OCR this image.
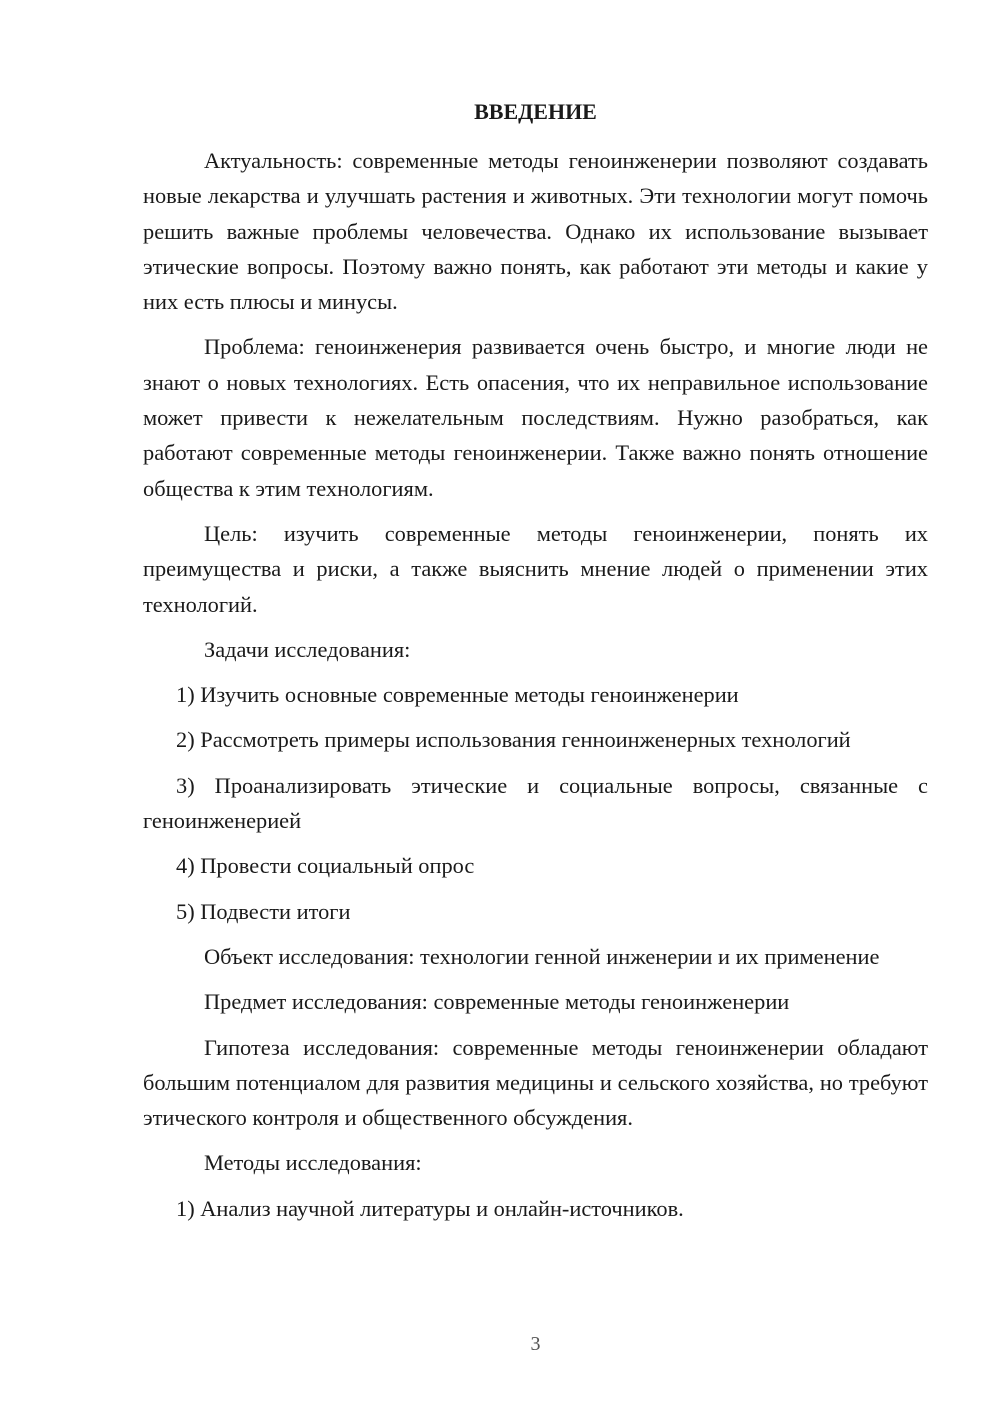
ВВЕДЕНИЕ

Актуальность: современные методы геноинженерии позволяют создавать новые лекарства и улучшать растения и животных. Эти технологии могут помочь решить важные проблемы человечества. Однако их использование вызывает этические вопросы. Поэтому важно понять, как работают эти методы и какие у них есть плюсы и минусы.

Проблема: геноинженерия развивается очень быстро, и многие люди не знают о новых технологиях. Есть опасения, что их неправильное использование может привести к нежелательным последствиям. Нужно разобраться, как работают современные методы геноинженерии. Также важно понять отношение общества к этим технологиям.

Цель: изучить современные методы геноинженерии, понять их преимущества и риски, а также выяснить мнение людей о применении этих технологий.

Задачи исследования:

1) Изучить основные современные методы геноинженерии

2) Рассмотреть примеры использования генноинженерных технологий

3) Проанализировать этические и социальные вопросы, связанные с геноинженерией

4) Провести социальный опрос

5) Подвести итоги

Объект исследования: технологии генной инженерии и их применение

Предмет исследования: современные методы геноинженерии

Гипотеза исследования: современные методы геноинженерии обладают большим потенциалом для развития медицины и сельского хозяйства, но требуют этического контроля и общественного обсуждения.

Методы исследования:

1) Анализ научной литературы и онлайн-источников.

3
